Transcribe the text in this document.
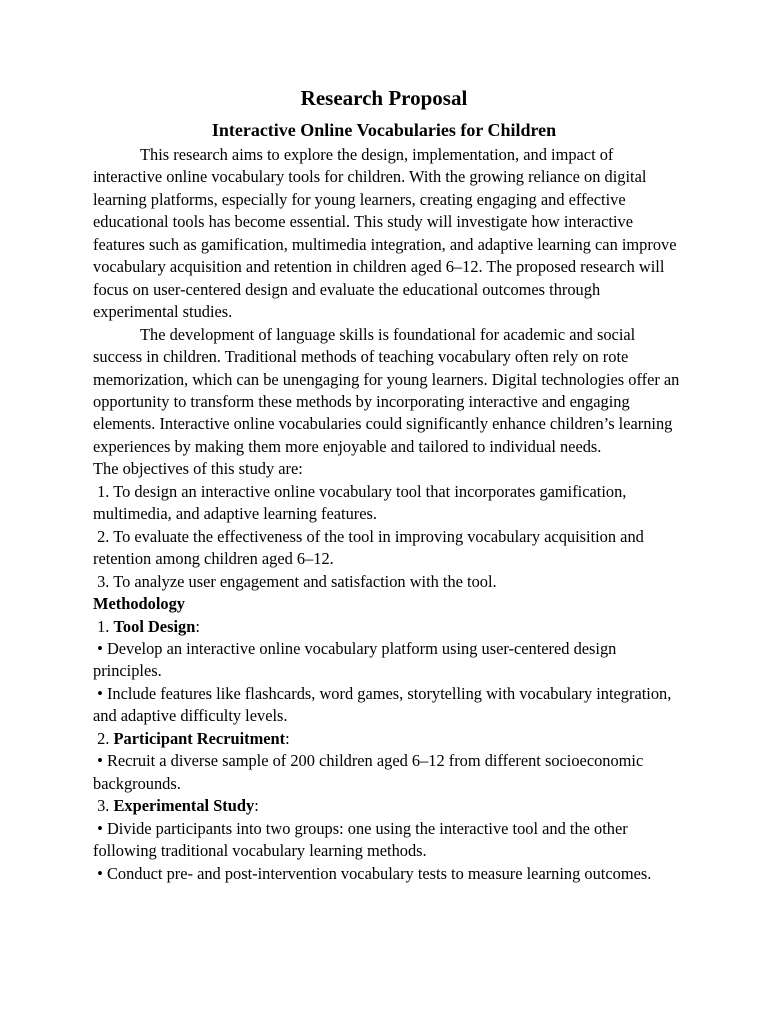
Research Proposal
Interactive Online Vocabularies for Children

This research aims to explore the design, implementation, and impact of interactive online vocabulary tools for children. With the growing reliance on digital learning platforms, especially for young learners, creating engaging and effective educational tools has become essential. This study will investigate how interactive features such as gamification, multimedia integration, and adaptive learning can improve vocabulary acquisition and retention in children aged 6–12. The proposed research will focus on user-centered design and evaluate the educational outcomes through experimental studies.

The development of language skills is foundational for academic and social success in children. Traditional methods of teaching vocabulary often rely on rote memorization, which can be unengaging for young learners. Digital technologies offer an opportunity to transform these methods by incorporating interactive and engaging elements. Interactive online vocabularies could significantly enhance children’s learning experiences by making them more enjoyable and tailored to individual needs.

The objectives of this study are:

1. To design an interactive online vocabulary tool that incorporates gamification, multimedia, and adaptive learning features.

2. To evaluate the effectiveness of the tool in improving vocabulary acquisition and retention among children aged 6–12.

3. To analyze user engagement and satisfaction with the tool.

Methodology

1. Tool Design:

• Develop an interactive online vocabulary platform using user-centered design principles.

• Include features like flashcards, word games, storytelling with vocabulary integration, and adaptive difficulty levels.

2. Participant Recruitment:

• Recruit a diverse sample of 200 children aged 6–12 from different socioeconomic backgrounds.

3. Experimental Study:

• Divide participants into two groups: one using the interactive tool and the other following traditional vocabulary learning methods.

• Conduct pre- and post-intervention vocabulary tests to measure learning outcomes.
